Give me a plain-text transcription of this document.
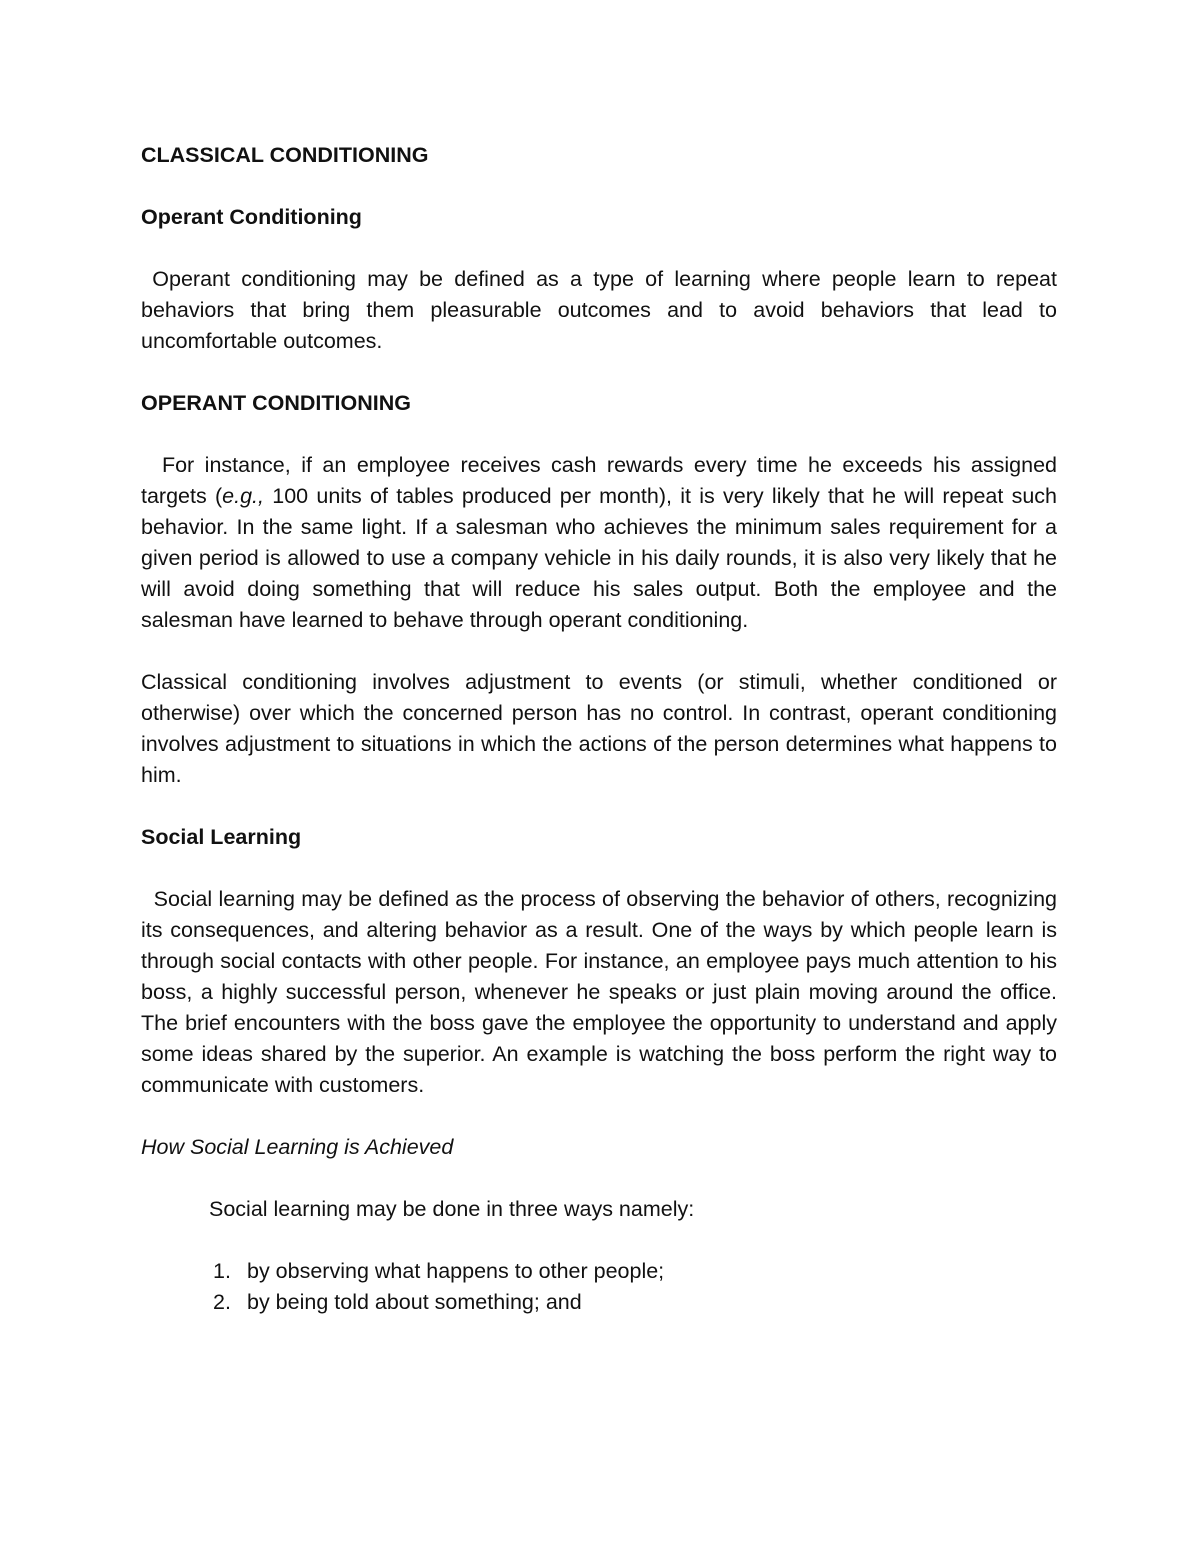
CLASSICAL CONDITIONING

Operant Conditioning

Operant conditioning may be defined as a type of learning where people learn to repeat behaviors that bring them pleasurable outcomes and to avoid behaviors that lead to uncomfortable outcomes.

OPERANT CONDITIONING

For instance, if an employee receives cash rewards every time he exceeds his assigned targets (e.g., 100 units of tables produced per month), it is very likely that he will repeat such behavior. In the same light. If a salesman who achieves the minimum sales requirement for a given period is allowed to use a company vehicle in his daily rounds, it is also very likely that he will avoid doing something that will reduce his sales output. Both the employee and the salesman have learned to behave through operant conditioning.

Classical conditioning involves adjustment to events (or stimuli, whether conditioned or otherwise) over which the concerned person has no control. In contrast, operant conditioning involves adjustment to situations in which the actions of the person determines what happens to him.

Social Learning

Social learning may be defined as the process of observing the behavior of others, recognizing its consequences, and altering behavior as a result. One of the ways by which people learn is through social contacts with other people. For instance, an employee pays much attention to his boss, a highly successful person, whenever he speaks or just plain moving around the office. The brief encounters with the boss gave the employee the opportunity to understand and apply some ideas shared by the superior. An example is watching the boss perform the right way to communicate with customers.

How Social Learning is Achieved

Social learning may be done in three ways namely:

1. by observing what happens to other people;
2. by being told about something; and
